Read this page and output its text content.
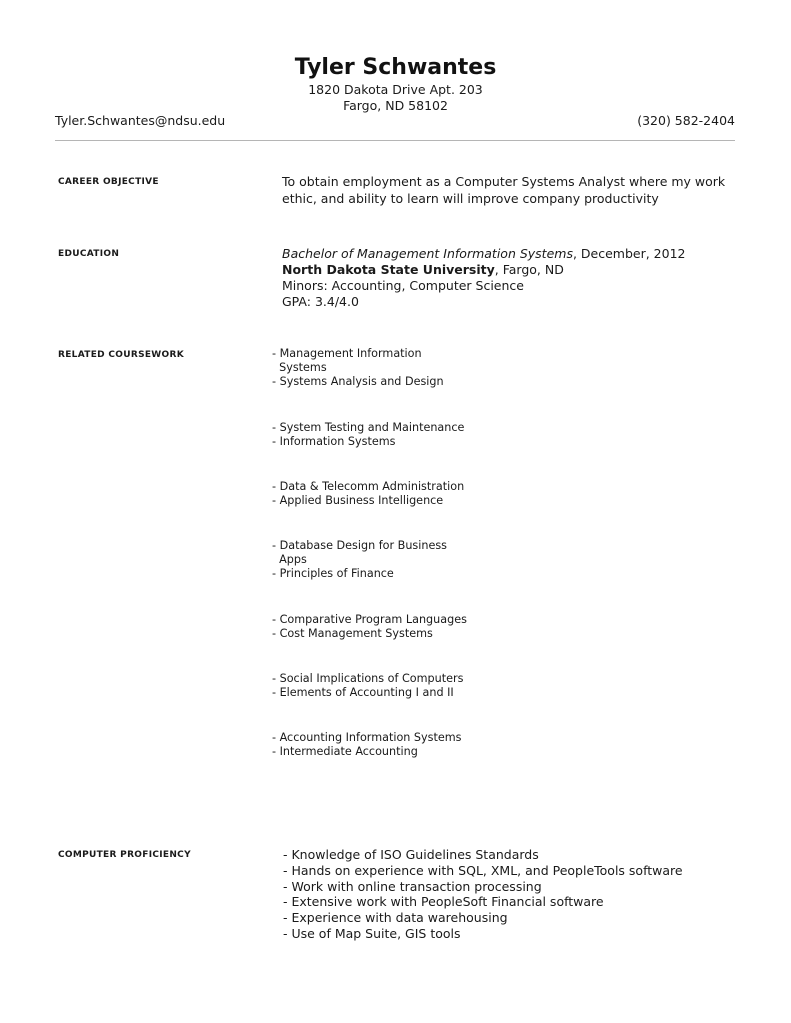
Tyler Schwantes
1820 Dakota Drive Apt. 203
Fargo, ND 58102
Tyler.Schwantes@ndsu.edu	(320) 582-2404
CAREER OBJECTIVE	To obtain employment as a Computer Systems Analyst where my work ethic, and ability to learn will improve company productivity
EDUCATION	Bachelor of Management Information Systems, December, 2012
North Dakota State University, Fargo, ND
Minors: Accounting, Computer Science
GPA: 3.4/4.0
RELATED COURSEWORK	- Management Information
Systems
- Systems Analysis and Design
- System Testing and Maintenance
- Information Systems
- Data & Telecomm Administration
- Applied Business Intelligence
- Database Design for Business
Apps
- Principles of Finance
- Comparative Program Languages
- Cost Management Systems
- Social Implications of Computers
- Elements of Accounting I and II
- Accounting Information Systems
- Intermediate Accounting
COMPUTER PROFICIENCY	- Knowledge of ISO Guidelines Standards
- Hands on experience with SQL, XML, and PeopleTools software
- Work with online transaction processing
- Extensive work with PeopleSoft Financial software
- Experience with data warehousing
- Use of Map Suite, GIS tools
